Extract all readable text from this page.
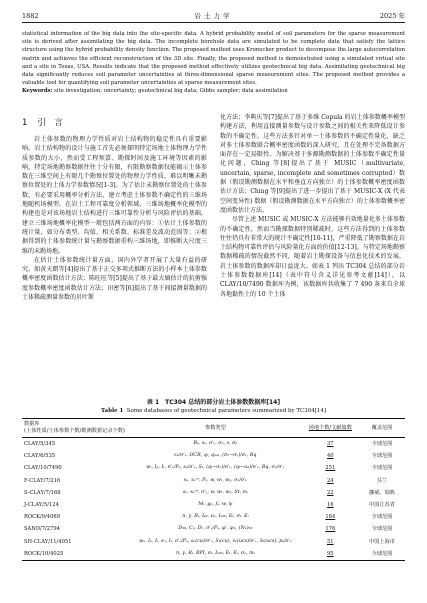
1882	岩土力学	2025 年

statistical information of the big data into the site-specific data. A hybrid probability model of soil parameters for the sparse measurement site is derived after assimilating the big data. The incomplete borehole data are simulated to be complete data that satisfy the lattice structure using the hybrid probability density function. The proposed method uses Kronecker product to decompose the large autocorrelation matrix and achieves the efficient reconstruction of the 3D site. Finally, the proposed method is demonstrated using a simulated virtual site and a site in Texas, USA. Results indicate that the proposed method effectively utilizes geotechnical big data. Assimilating geotechnical big data significantly reduces soil parameter uncertainties at three-dimensional sparse measurement sites. The proposed method provides a valuable tool for quantifying soil parameter uncertainties at sparse measurement sites.

Keywords: site investigation; uncertainty; geotechnical big data; Gibbs sampler; data assimilation

1 引　言

岩土体参数的物理力学性质对岩土结构物的稳定性具有重要影响。岩土结构物的设计与施工首先必须探明特定场地土体物理力学性质参数的大小，然而受工程预算、勘探时间及施工环境等因素的影响，特定场地勘察数据往往十分有限，有限勘察数据仅能揭示土体参数在三维空间上有限几个勘察位置处的物理力学性质，难以明晰未勘察位置处的土体力学参数情况[1-3]。为了估计未勘察位置处的土体参数，有必要采用概率分析方法，建立考虑土体参数不确定性的三维场地随机场模型。在岩土工程可靠度分析领域，三维场地概率化模型的构建也是对该场地岩土结构进行三维可靠性分析与风险评估的基础，建立三维场地概率化模型一般包括两方面的内容：①估计土体参数的统计量，如分布类型、均值、相关系数、标准差及波动范围等；②根据得到的土体参数统计量与勘察数据重构三维场地，即推断大尺度三维的未勘场地。

在估计土体参数统计量方面，国内外学者开展了大量有益的研究。如黄天朗等[4]提出了基于正交多项式推断方法的小样本土体参数概率密度函数估计方法；陈旺旺等[5]提出了基于最大熵估计的抗剪强度参数概率密度函数估计方法；田密等[6]提出了基于间接测量数据的土体稀疏测量参数的贝叶斯

化方法；李典庆等[7]提出了基于多维 Copula 的岩土体参数概率模型构建方法，利用直接测量参数与设计参数之间的相关性来降低设计参数的不确定性。这些方法多针对单一土体参数的不确定性量化，缺乏对多土体参数联合概率密度函数的深入研究，且在处理不完备数据方面存在一定局限性。为解决基于多源勘测数据的土体参数不确定性量化问题，Ching 等[8]提出了基于 MUSIC（multivariate, uncertain, sparse, incomplete and sometimes corrupted）数据（假设勘测数据在水平和垂直方向独立）的土体参数概率密度函数估计方法；Ching 等[9]提出了进一步提出了基于 MUSIC-X (X 代表空间变异性) 数据（假设勘测数据在水平方向独立）的土体参数概率密度函数估计方法。

尽管上述 MUSIC 或 MUSIC-X 方法能够有效地量化多土体参数的不确定性，然而当勘探数据特别稀疏时，这些方法得到的土体参数往往仍具有非常大的统计不确定性[10-11]，严重降低了勘察数据在岩土结构物可靠性评估与风险量化方面的价值[12-13]。与特定场地勘察数据稀疏的情况截然不同，随着岩土勘探设备与信息化技术的发展，岩土体参数的数据库却日益庞大。如表 1 列出 TC304 总结的部分岩土体参数数据库[14]（表中符号含义详见参考文献[14]），以 CLAY/10/7490 数据库为例，该数据库共收集了 7 490 条来自全球各地黏性土的 10 个土体

表 1　TC304 总结的部分岩土体参数数据库[14]
Table 1 Some databases of geotechnical parameters summarized by TC304[14]
数据库
(土体性质/土体参数个数/勘测数据记录个数)	参数类型	场地个数/文献篇数	覆盖范围
CLAY/5/345	Bₛ, sᵤ, σ′ᵥ, σₚ, s, σₚ	37	全球范围
CLAY/6/535	sᵤ/σ′ᵥ, OCR, qₜ, qₙₑₜ, (σₚ−σᵥ)/σᵥ, Bq	40	全球范围
CLAY/10/7490	wₗ, Iₚ, Iₗ, σ′ᵥ/Pₐ, sᵤ/σ′ᵥ, Sₜ, (qₜ−σᵥ)/σ′ᵥ, (qₜ−u₂)/σ′ᵥ, Bq, σₚ/σ′ᵥ	251	全球范围
F-CLAY/7/216	sᵤ, sᵤʳᵉ, Pₐ, w, wₗ, wₚ, σᵥ/σ′ᵥ	24	芬兰
S-CLAY/7/168	sᵤ, sᵤʳᵉ, σ′ᵥ, w, wₗ, wₚ, St, σₚ	22	挪威、瑞典
J-CLAY/5/124	Mₗ, gₙ, fₛ, w, ηₗ	16	中国江苏省
ROCK/9/4069	n, γ, Rₗ, Iₛ₀, νₚ, Iₛ₅₀, Eₜ, σₜ, Eᵢ	184	全球范围
SAND/7/2794	D₅₀, Cᵤ, Dᵣ, σ′ᵥ/Pₐ, φ′, qₜ₁, (N₁)₆₀	176	全球范围
SH-CLAY/11/4051	wₙ, Iₚ, Iₗ, eₒ, Iₗ, σ′ᵥ/Pₐ, sᵤ(cu)/σ′ᵥ, Sₜ(cu), sᵤ(ucs)/σ′ᵥ, Sₜ(ucs), pₛ/σ′ᵥ	51	中国上海市
ROCK/10/4025	n, γ, Rₗ, BPI, σₜ, Iₛ₅₀, Eₜ, Eᵢ, σᵤ, mᵢ	95	全球范围
